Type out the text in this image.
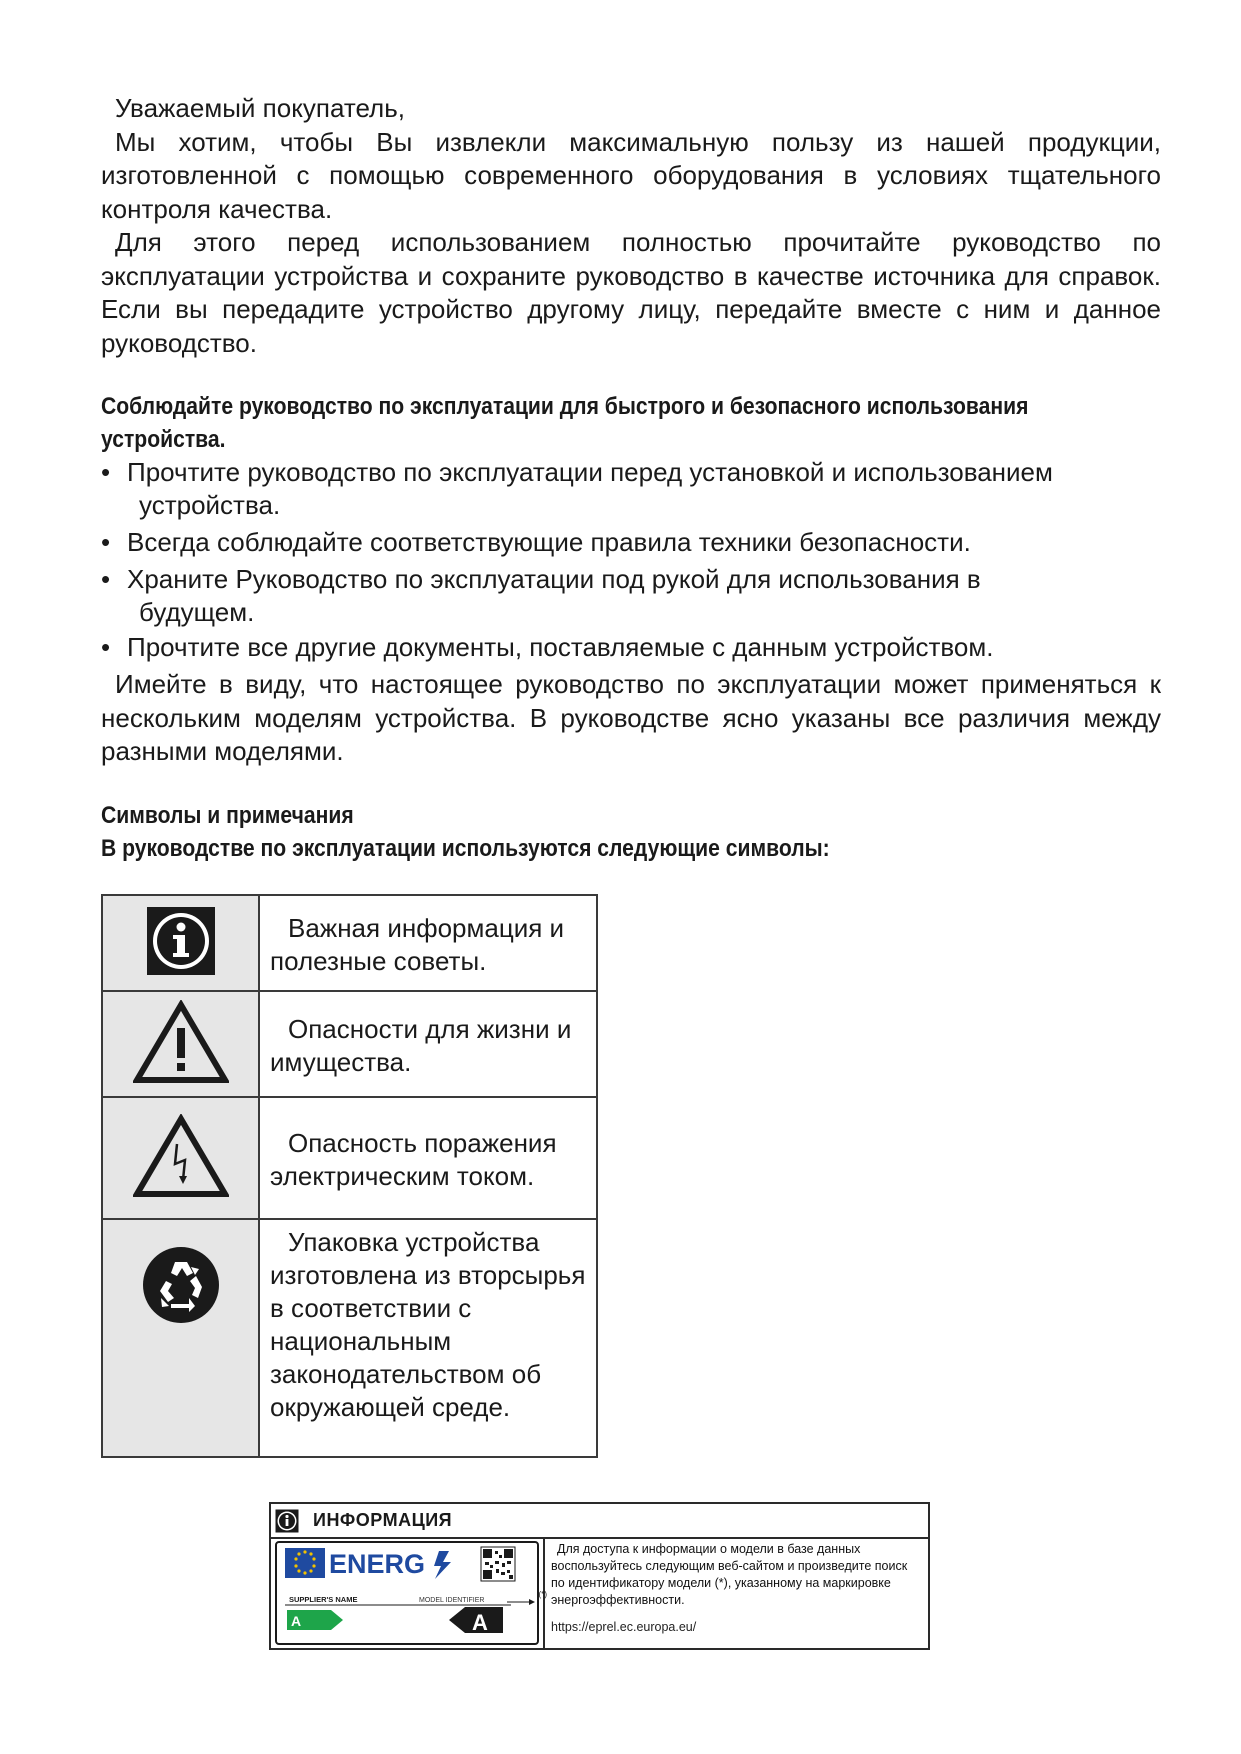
Уважаемый покупатель,

Мы хотим, чтобы Вы извлекли максимальную пользу из нашей продукции, изготовленной с помощью современного оборудования в условиях тщательного контроля качества.

Для этого перед использованием полностью прочитайте руководство по эксплуатации устройства и сохраните руководство в качестве источника для справок. Если вы передадите устройство другому лицу, передайте вместе с ним и данное руководство.

Соблюдайте руководство по эксплуатации для быстрого и безопасного использования устройства.

• Прочтите руководство по эксплуатации перед установкой и использованием
устройства.
• Всегда соблюдайте соответствующие правила техники безопасности.
• Храните Руководство по эксплуатации под рукой для использования в
будущем.
• Прочтите все другие документы, поставляемые с данным устройством.

Имейте в виду, что настоящее руководство по эксплуатации может применяться к нескольким моделям устройства. В руководстве ясно указаны все различия между разными моделями.

Символы и примечания

В руководстве по эксплуатации используются следующие символы:

Важная информация и
полезные советы.

Опасности для жизни и
имущества.

Опасность поражения
электрическим током.

Упаковка устройства
изготовлена из вторсырья в соответствии с национальным законодательством об окружающей среде.
ИНФОРМАЦИЯ
ENERG
SUPPLIER'S NAME	MODEL IDENTIFIER
A	A
(*)
Для доступа к информации о модели в базе данных воспользуйтесь следующим веб-сайтом и произведите поиск по идентификатору модели (*), указанному на маркировке энергоэффективности.
https://eprel.ec.europa.eu/
